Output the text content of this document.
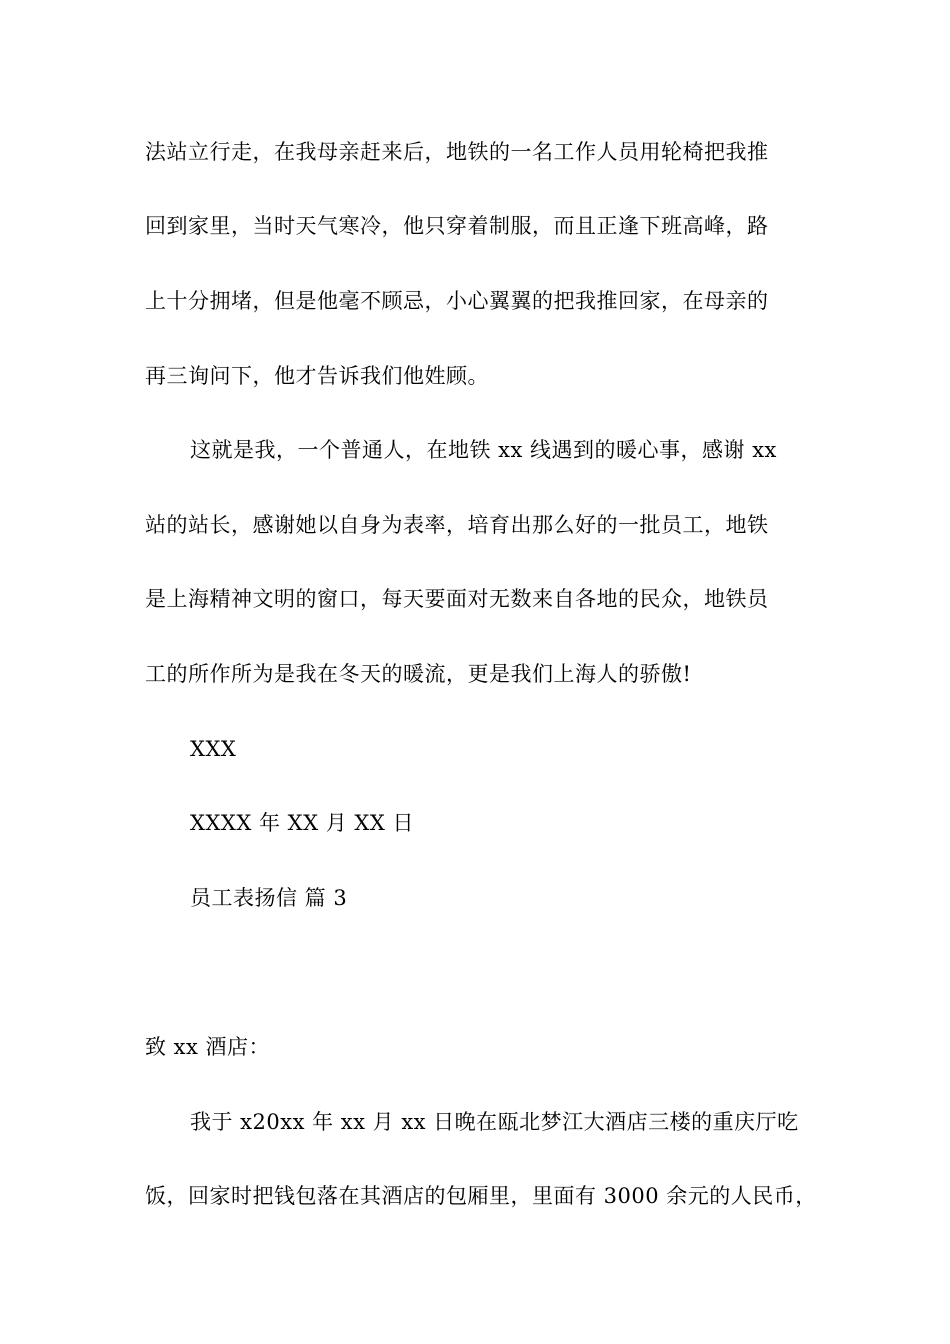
法站立行走，在我母亲赶来后，地铁的一名工作人员用轮椅把我推
回到家里，当时天气寒冷，他只穿着制服，而且正逢下班高峰，路
上十分拥堵，但是他毫不顾忌，小心翼翼的把我推回家，在母亲的
再三询问下，他才告诉我们他姓顾。
这就是我，一个普通人，在地铁 xx 线遇到的暖心事，感谢 xx
站的站长，感谢她以自身为表率，培育出那么好的一批员工，地铁
是上海精神文明的窗口，每天要面对无数来自各地的民众，地铁员
工的所作所为是我在冬天的暖流，更是我们上海人的骄傲!
XXX
XXXX 年 XX 月 XX 日
员工表扬信 篇 3
致 xx 酒店：
我于 x20xx 年 xx 月 xx 日晚在瓯北梦江大酒店三楼的重庆厅吃
饭，回家时把钱包落在其酒店的包厢里，里面有 3000 余元的人民币，
